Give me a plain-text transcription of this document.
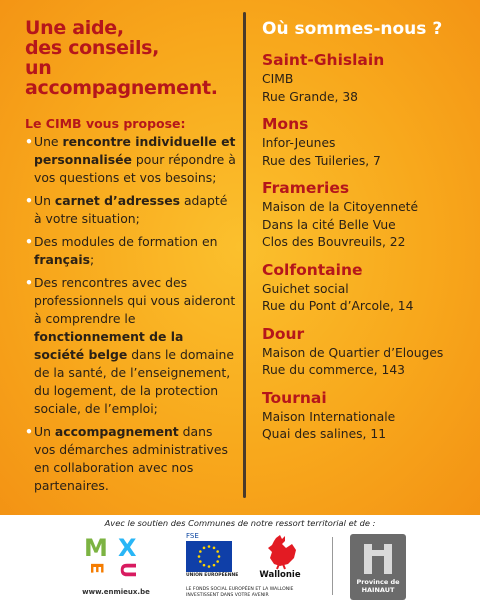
Une aide,
des conseils,
un accompagnement.
Le CIMB vous propose:
• Une rencontre individuelle et personnalisée pour répondre à vos questions et vos besoins;
• Un carnet d’adresses adapté à votre situation;
• Des modules de formation en français;
• Des rencontres avec des professionnels qui vous aideront à comprendre le fonctionnement de la société belge dans le domaine de la santé, de l’enseignement, du logement, de la protection sociale, de l’emploi;
• Un accompagnement dans vos démarches administratives en collaboration avec nos partenaires.
Où sommes-nous ?
Saint-Ghislain
CIMB
Rue Grande, 38
Mons
Infor-Jeunes
Rue des Tuileries, 7
Frameries
Maison de la Citoyenneté
Dans la cité Belle Vue
Clos des Bouvreuils, 22
Colfontaine
Guichet social
Rue du Pont d’Arcole, 14
Dour
Maison de Quartier d’Elouges
Rue du commerce, 143
Tournai
Maison Internationale
Quai des salines, 11
Avec le soutien des Communes de notre ressort territorial et de :
M X
E U
www.enmieux.be
FSE
UNION EUROPÉENNE
LE FONDS SOCIAL EUROPÉEN ET LA WALLONIE INVESTISSENT DANS VOTRE AVENIR
Wallonie
Province de
HAINAUT
